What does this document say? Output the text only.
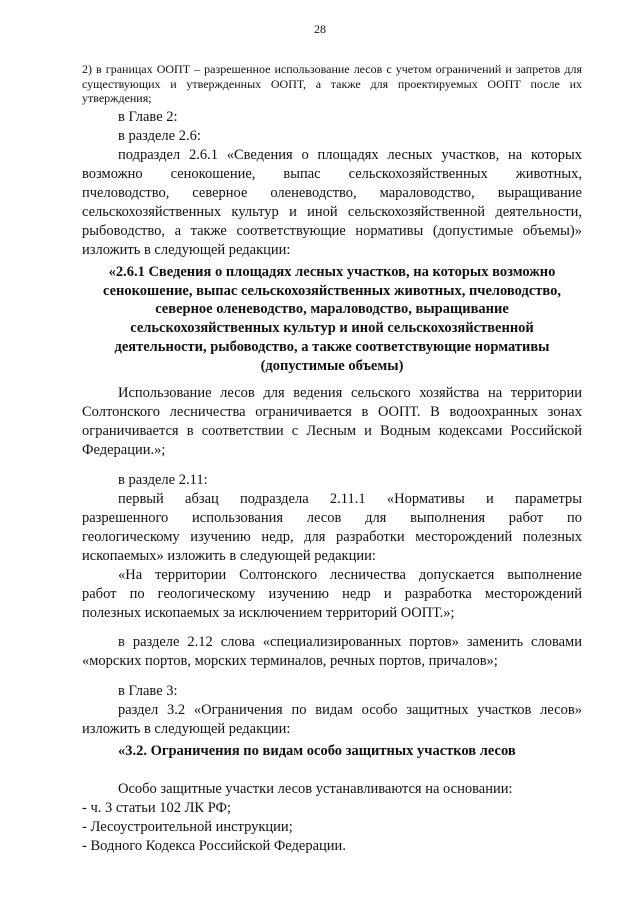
28

2) в границах ООПТ – разрешенное использование лесов с учетом ограничений и запретов для существующих и утвержденных ООПТ, а также для проектируемых ООПТ после их утверждения;

в Главе 2:

в разделе 2.6:

подраздел 2.6.1 «Сведения о площадях лесных участков, на которых
возможно сенокошение, выпас сельскохозяйственных животных,
пчеловодство, северное оленеводство, мараловодство, выращивание
сельскохозяйственных культур и иной сельскохозяйственной деятельности,
рыбоводство, а также соответствующие нормативы (допустимые объемы)»
изложить в следующей редакции:

«2.6.1 Сведения о площадях лесных участков, на которых возможно
сенокошение, выпас сельскохозяйственных животных, пчеловодство,
северное оленеводство, мараловодство, выращивание
сельскохозяйственных культур и иной сельскохозяйственной
деятельности, рыбоводство, а также соответствующие нормативы
(допустимые объемы)

Использование лесов для ведения сельского хозяйства на территории
Солтонского лесничества ограничивается в ООПТ. В водоохранных зонах
ограничивается в соответствии с Лесным и Водным кодексами Российской
Федерации.»;

в разделе 2.11:

первый абзац подраздела 2.11.1 «Нормативы и параметры
разрешенного использования лесов для выполнения работ по
геологическому изучению недр, для разработки месторождений полезных
ископаемых» изложить в следующей редакции:

«На территории Солтонского лесничества допускается выполнение
работ по геологическому изучению недр и разработка месторождений
полезных ископаемых за исключением территорий ООПТ.»;

в разделе 2.12 слова «специализированных портов» заменить словами
«морских портов, морских терминалов, речных портов, причалов»;

в Главе 3:

раздел 3.2 «Ограничения по видам особо защитных участков лесов»
изложить в следующей редакции:

«3.2. Ограничения по видам особо защитных участков лесов

Особо защитные участки лесов устанавливаются на основании:

- ч. 3 статьи 102 ЛК РФ;
- Лесоустроительной инструкции;
- Водного Кодекса Российской Федерации.
